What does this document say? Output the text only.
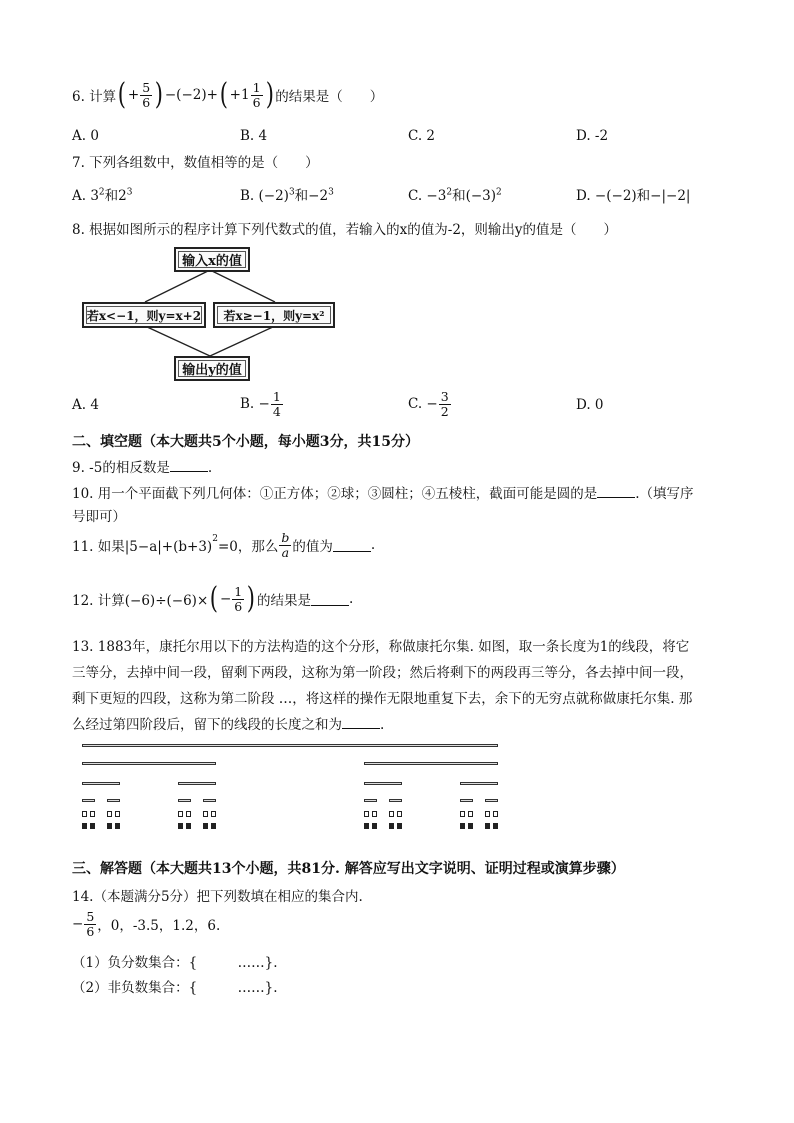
6. 计算 ( + $\frac{5}{6}$ ) −(−2)+ ( $+1 \frac{1}{6}$ ) 的结果是（　　）
A. 0	B. 4	C. 2	D. -2
7. 下列各组数中，数值相等的是（　　）
A. $3^2$和$2^3$	B. $(-2)^3$和$-2^3$	C. $-3^2$和$(-3)^2$	D. −(−2)和−|−2|
8. 根据如图所示的程序计算下列代数式的值，若输入的x的值为-2，则输出y的值是（　　）
输入x的值
若x<−1，则y=x+2 若x≥−1，则y=x²
输出y的值
A. 4	B. − $\frac{1}{4}$	C. − $\frac{3}{2}$	D. 0
二、填空题（本大题共5个小题，每小题3分，共15分）
9. -5的相反数是	.
10. 用一个平面截下列几何体：①正方体；②球；③圆柱；④五棱柱，截面可能是圆的是	.（填写序
号即可）
11. 如果|5−a|+(b+3) 2 =0，那么 $\frac{b}{a}$ 的值为	.
12. 计算(−6)÷(−6)× ( − $\frac{1}{6}$ ) 的结果是	.
13. 1883年，康托尔用以下的方法构造的这个分形，称做康托尔集. 如图，取一条长度为1的线段，将它
三等分，去掉中间一段，留剩下两段，这称为第一阶段；然后将剩下的两段再三等分，各去掉中间一段，
剩下更短的四段，这称为第二阶段 …，将这样的操作无限地重复下去，余下的无穷点就称做康托尔集. 那
么经过第四阶段后，留下的线段的长度之和为	.
三、解答题（本大题共13个小题，共81分. 解答应写出文字说明、证明过程或演算步骤）
14.（本题满分5分）把下列数填在相应的集合内.
− $\frac{5}{6}$ ，0，-3.5，1.2，6.
（1）负分数集合：{　　　……}.
（2）非负数集合：{　　　……}.
